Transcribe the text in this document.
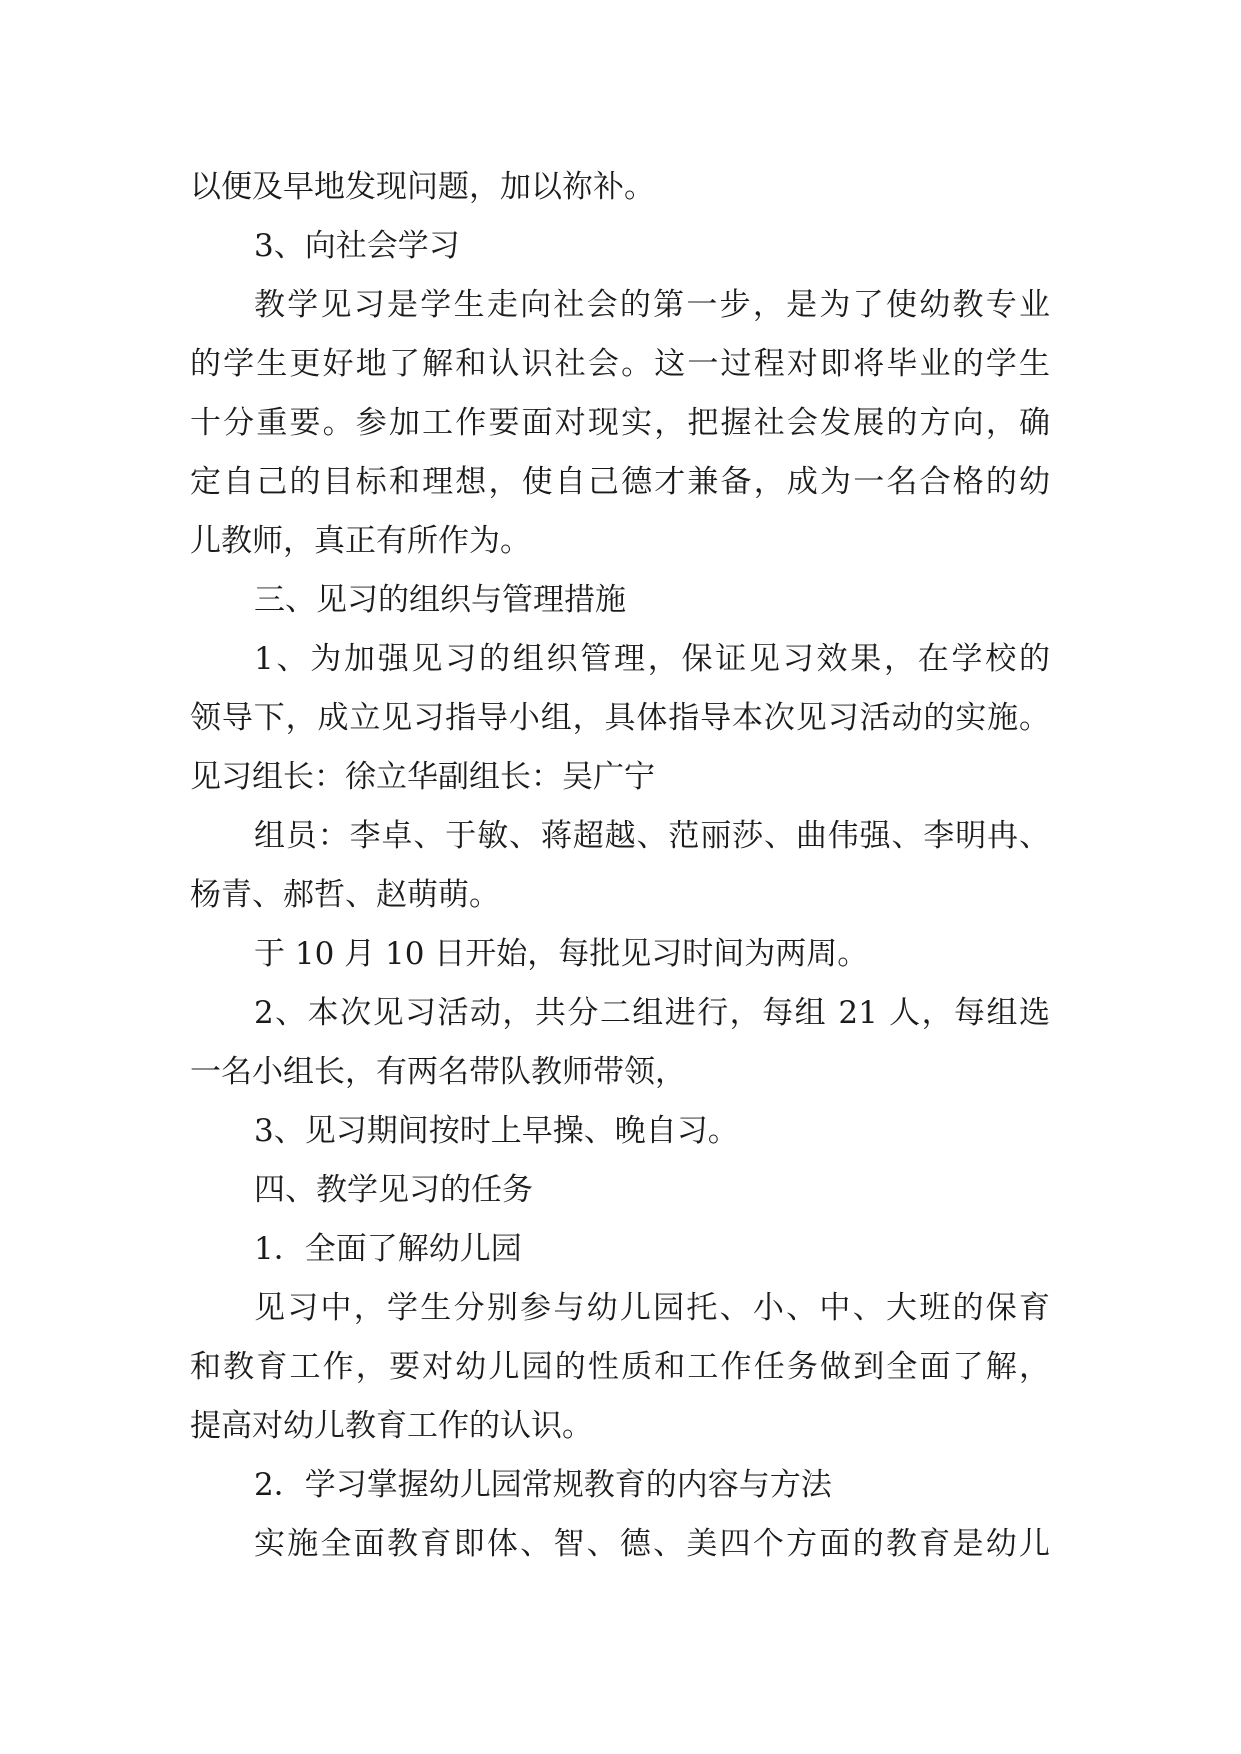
以便及早地发现问题，加以祢补。
3、向社会学习
教学见习是学生走向社会的第一步，是为了使幼教专业
的学生更好地了解和认识社会。这一过程对即将毕业的学生
十分重要。参加工作要面对现实，把握社会发展的方向，确
定自己的目标和理想，使自己德才兼备，成为一名合格的幼
儿教师，真正有所作为。
三、见习的组织与管理措施
1、为加强见习的组织管理，保证见习效果，在学校的
领导下，成立见习指导小组，具体指导本次见习活动的实施。
见习组长：徐立华副组长：吴广宁
组员：李卓、于敏、蒋超越、范丽莎、曲伟强、李明冉、
杨青、郝哲、赵萌萌。
于 10 月 10 日开始，每批见习时间为两周。
2、本次见习活动，共分二组进行，每组 21 人，每组选
一名小组长，有两名带队教师带领，
3、见习期间按时上早操、晚自习。
四、教学见习的任务
1．全面了解幼儿园
见习中，学生分别参与幼儿园托、小、中、大班的保育
和教育工作，要对幼儿园的性质和工作任务做到全面了解，
提高对幼儿教育工作的认识。
2．学习掌握幼儿园常规教育的内容与方法
实施全面教育即体、智、德、美四个方面的教育是幼儿
